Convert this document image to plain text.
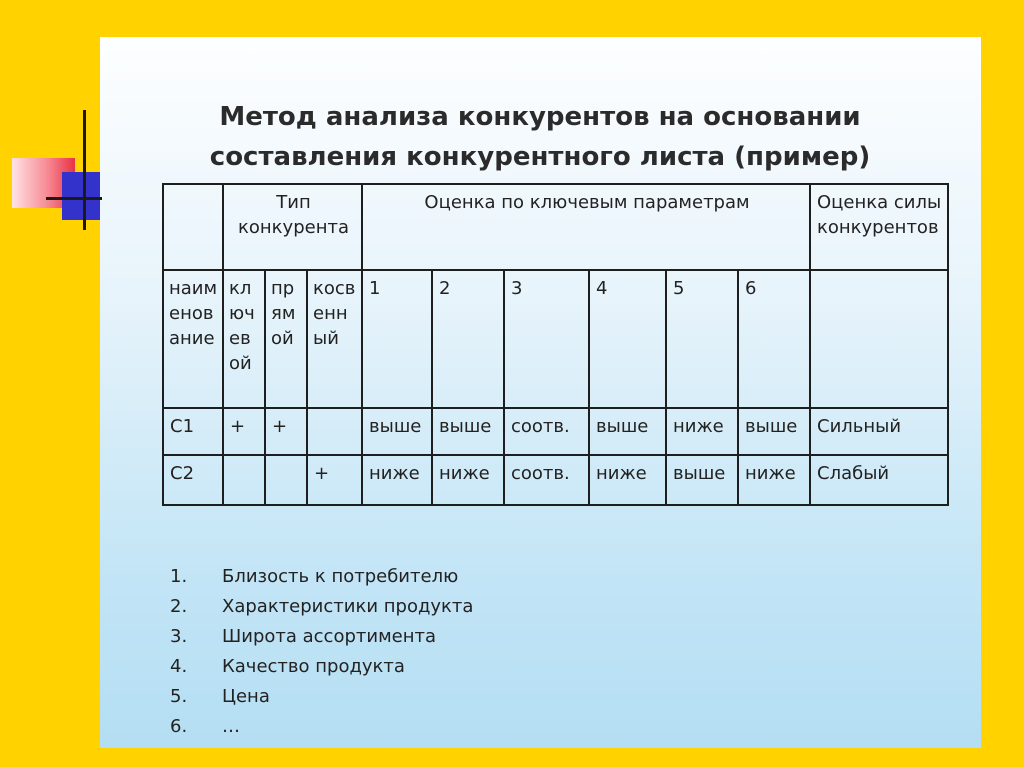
Метод анализа конкурентов на основании
составления конкурентного листа (пример)
	Тип конкурента			Оценка по ключевым параметрам						Оценка силы конкурентов
наименование	ключевой	прямой	косвенный	1	2	3	4	5	6	
С1	+	+		выше	выше	соотв.	выше	ниже	выше	Сильный
С2			+	ниже	ниже	соотв.	ниже	выше	ниже	Слабый
1.	Близость к потребителю
2.	Характеристики продукта
3.	Широта ассортимента
4.	Качество продукта
5.	Цена
6.	…
